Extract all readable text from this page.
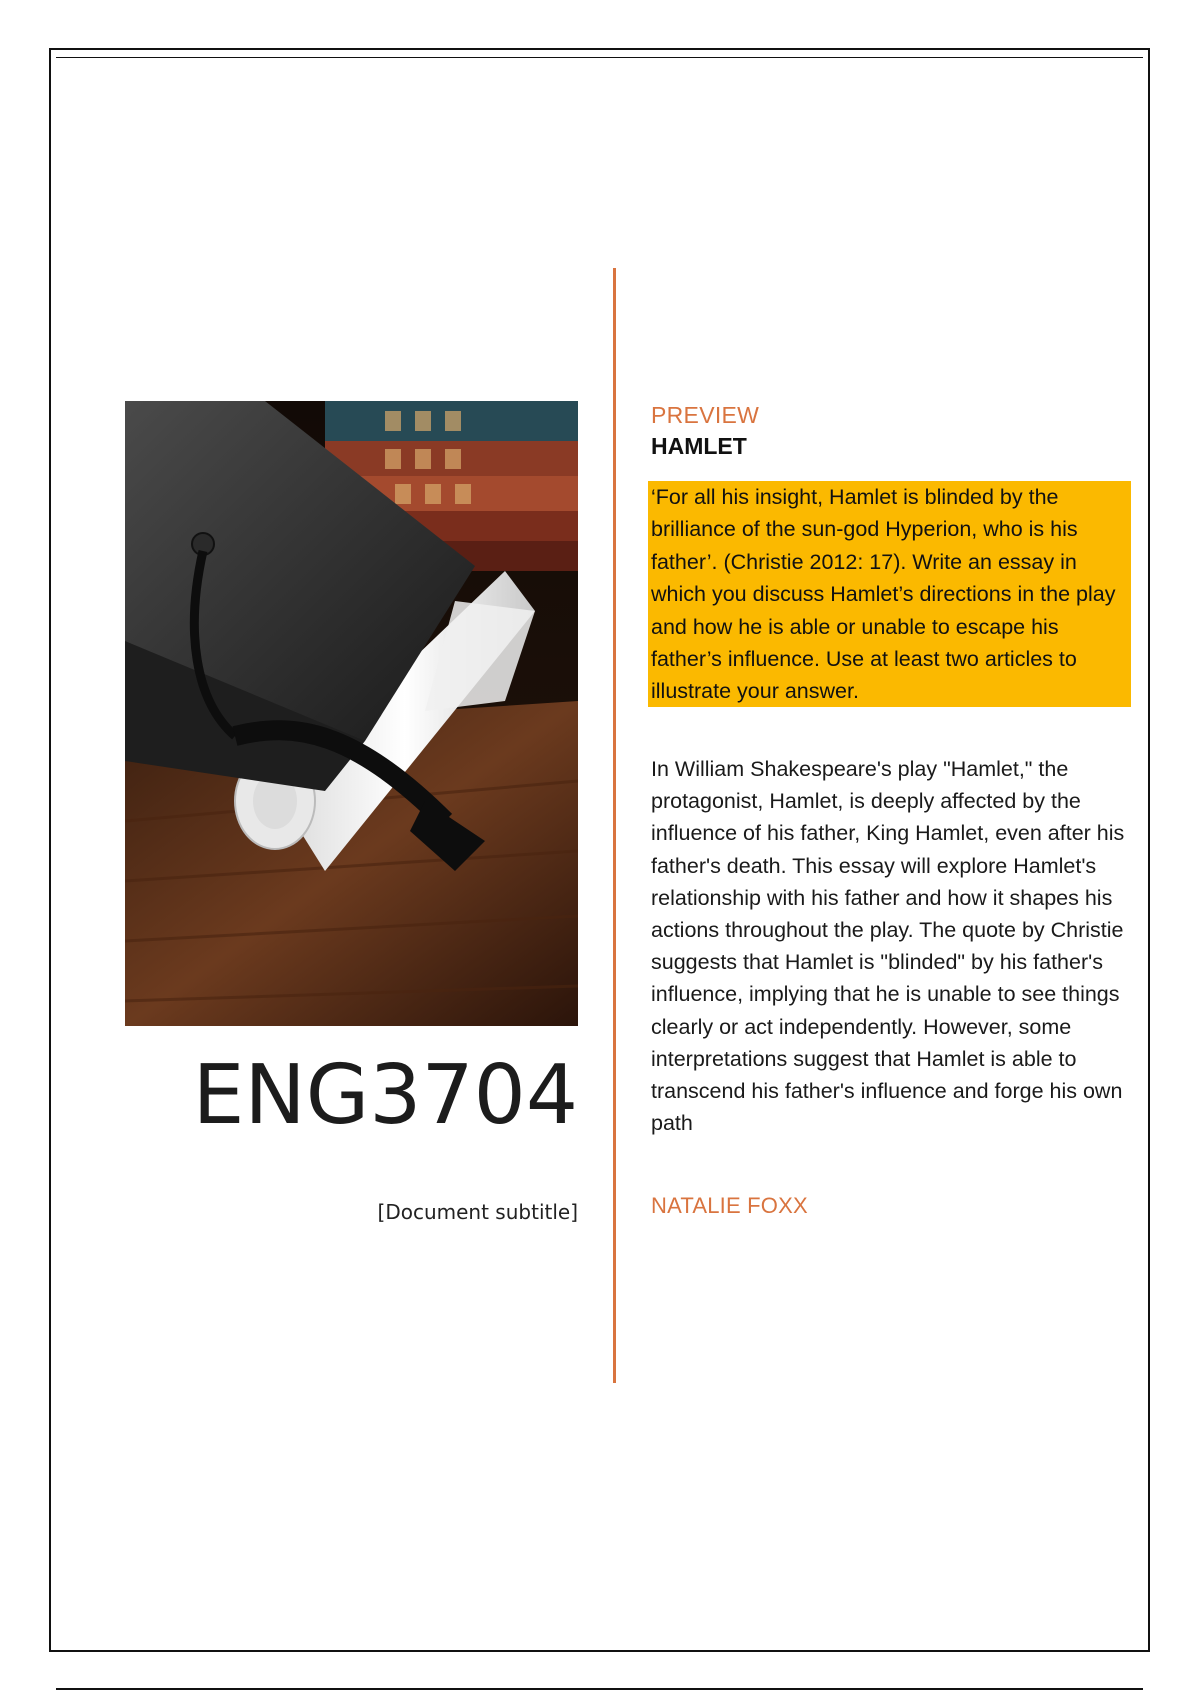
ENG3704
[Document subtitle]
PREVIEW
HAMLET
‘For all his insight, Hamlet is blinded by the brilliance of the sun-god Hyperion, who is his father’. (Christie 2012: 17). Write an essay in which you discuss Hamlet’s directions in the play and how he is able or unable to escape his father’s influence. Use at least two articles to illustrate your answer.
In William Shakespeare's play "Hamlet," the protagonist, Hamlet, is deeply affected by the influence of his father, King Hamlet, even after his father's death. This essay will explore Hamlet's relationship with his father and how it shapes his actions throughout the play. The quote by Christie suggests that Hamlet is "blinded" by his father's influence, implying that he is unable to see things clearly or act independently. However, some interpretations suggest that Hamlet is able to transcend his father's influence and forge his own path
NATALIE FOXX
